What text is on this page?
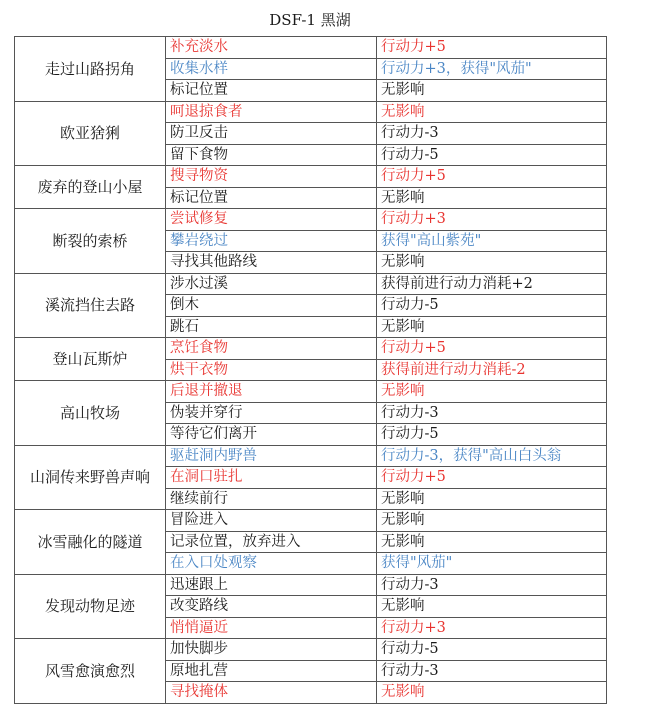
DSF-1 黑湖
走过山路拐角	补充淡水	行动力+5
	收集水样	行动力+3，获得"风茄"
	标记位置	无影响
欧亚猞猁	呵退掠食者	无影响
	防卫反击	行动力-3
	留下食物	行动力-5
废弃的登山小屋	搜寻物资	行动力+5
	标记位置	无影响
断裂的索桥	尝试修复	行动力+3
	攀岩绕过	获得"高山紫苑"
	寻找其他路线	无影响
溪流挡住去路	涉水过溪	获得前进行动力消耗+2
	倒木	行动力-5
	跳石	无影响
登山瓦斯炉	烹饪食物	行动力+5
	烘干衣物	获得前进行动力消耗-2
高山牧场	后退并撤退	无影响
	伪装并穿行	行动力-3
	等待它们离开	行动力-5
山洞传来野兽声响	驱赶洞内野兽	行动力-3，获得"高山白头翁
	在洞口驻扎	行动力+5
	继续前行	无影响
冰雪融化的隧道	冒险进入	无影响
	记录位置，放弃进入	无影响
	在入口处观察	获得"风茄"
发现动物足迹	迅速跟上	行动力-3
	改变路线	无影响
	悄悄逼近	行动力+3
风雪愈演愈烈	加快脚步	行动力-5
	原地扎营	行动力-3
	寻找掩体	无影响
